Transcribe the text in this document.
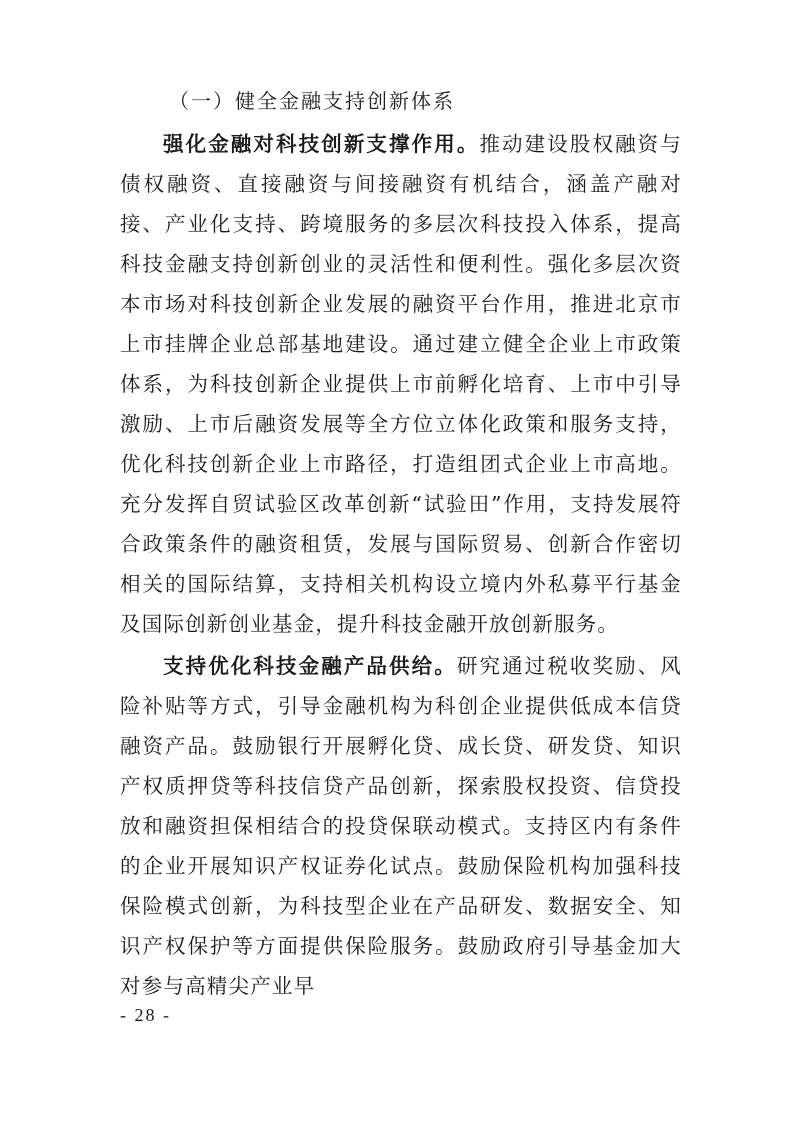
（一）健全金融支持创新体系

强化金融对科技创新支撑作用。推动建设股权融资与债权融资、直接融资与间接融资有机结合，涵盖产融对接、产业化支持、跨境服务的多层次科技投入体系，提高科技金融支持创新创业的灵活性和便利性。强化多层次资本市场对科技创新企业发展的融资平台作用，推进北京市上市挂牌企业总部基地建设。通过建立健全企业上市政策体系，为科技创新企业提供上市前孵化培育、上市中引导激励、上市后融资发展等全方位立体化政策和服务支持，优化科技创新企业上市路径，打造组团式企业上市高地。充分发挥自贸试验区改革创新“试验田”作用，支持发展符合政策条件的融资租赁，发展与国际贸易、创新合作密切相关的国际结算，支持相关机构设立境内外私募平行基金及国际创新创业基金，提升科技金融开放创新服务。

支持优化科技金融产品供给。研究通过税收奖励、风险补贴等方式，引导金融机构为科创企业提供低成本信贷融资产品。鼓励银行开展孵化贷、成长贷、研发贷、知识产权质押贷等科技信贷产品创新，探索股权投资、信贷投放和融资担保相结合的投贷保联动模式。支持区内有条件的企业开展知识产权证券化试点。鼓励保险机构加强科技保险模式创新，为科技型企业在产品研发、数据安全、知识产权保护等方面提供保险服务。鼓励政府引导基金加大对参与高精尖产业早

- 28 -
